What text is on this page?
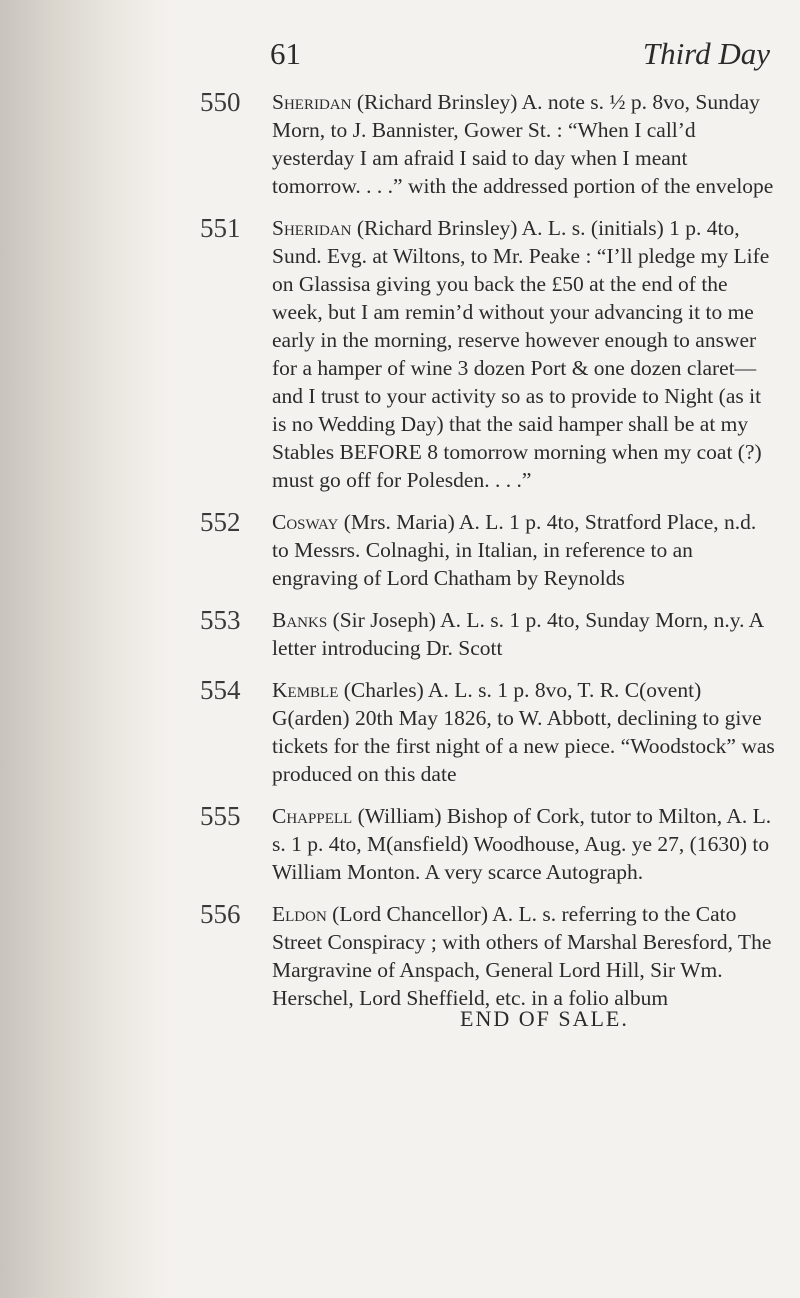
61	Third Day
550	Sheridan (Richard Brinsley) A. note s. ½ p. 8vo, Sunday Morn, to J. Bannister, Gower St. : “When I call’d yesterday I am afraid I said to day when I meant tomorrow. . . .” with the addressed portion of the envelope
551	Sheridan (Richard Brinsley) A. L. s. (initials) 1 p. 4to, Sund. Evg. at Wiltons, to Mr. Peake : “I’ll pledge my Life on Glassisa giving you back the £50 at the end of the week, but I am remin’d without your advancing it to me early in the morning, reserve however enough to answer for a hamper of wine 3 dozen Port & one dozen claret—and I trust to your activity so as to provide to Night (as it is no Wedding Day) that the said hamper shall be at my Stables BEFORE 8 tomorrow morning when my coat (?) must go off for Polesden. . . .”
552	Cosway (Mrs. Maria) A. L. 1 p. 4to, Stratford Place, n.d. to Messrs. Colnaghi, in Italian, in reference to an engraving of Lord Chatham by Reynolds
553	Banks (Sir Joseph) A. L. s. 1 p. 4to, Sunday Morn, n.y. A letter introducing Dr. Scott
554	Kemble (Charles) A. L. s. 1 p. 8vo, T. R. C(ovent) G(arden) 20th May 1826, to W. Abbott, declining to give tickets for the first night of a new piece. “Woodstock” was produced on this date
555	Chappell (William) Bishop of Cork, tutor to Milton, A. L. s. 1 p. 4to, M(ansfield) Woodhouse, Aug. ye 27, (1630) to William Monton. A very scarce Autograph.
556	Eldon (Lord Chancellor) A. L. s. referring to the Cato Street Conspiracy ; with others of Marshal Beresford, The Margravine of Anspach, General Lord Hill, Sir Wm. Herschel, Lord Sheffield, etc. in a folio album
END OF SALE.
